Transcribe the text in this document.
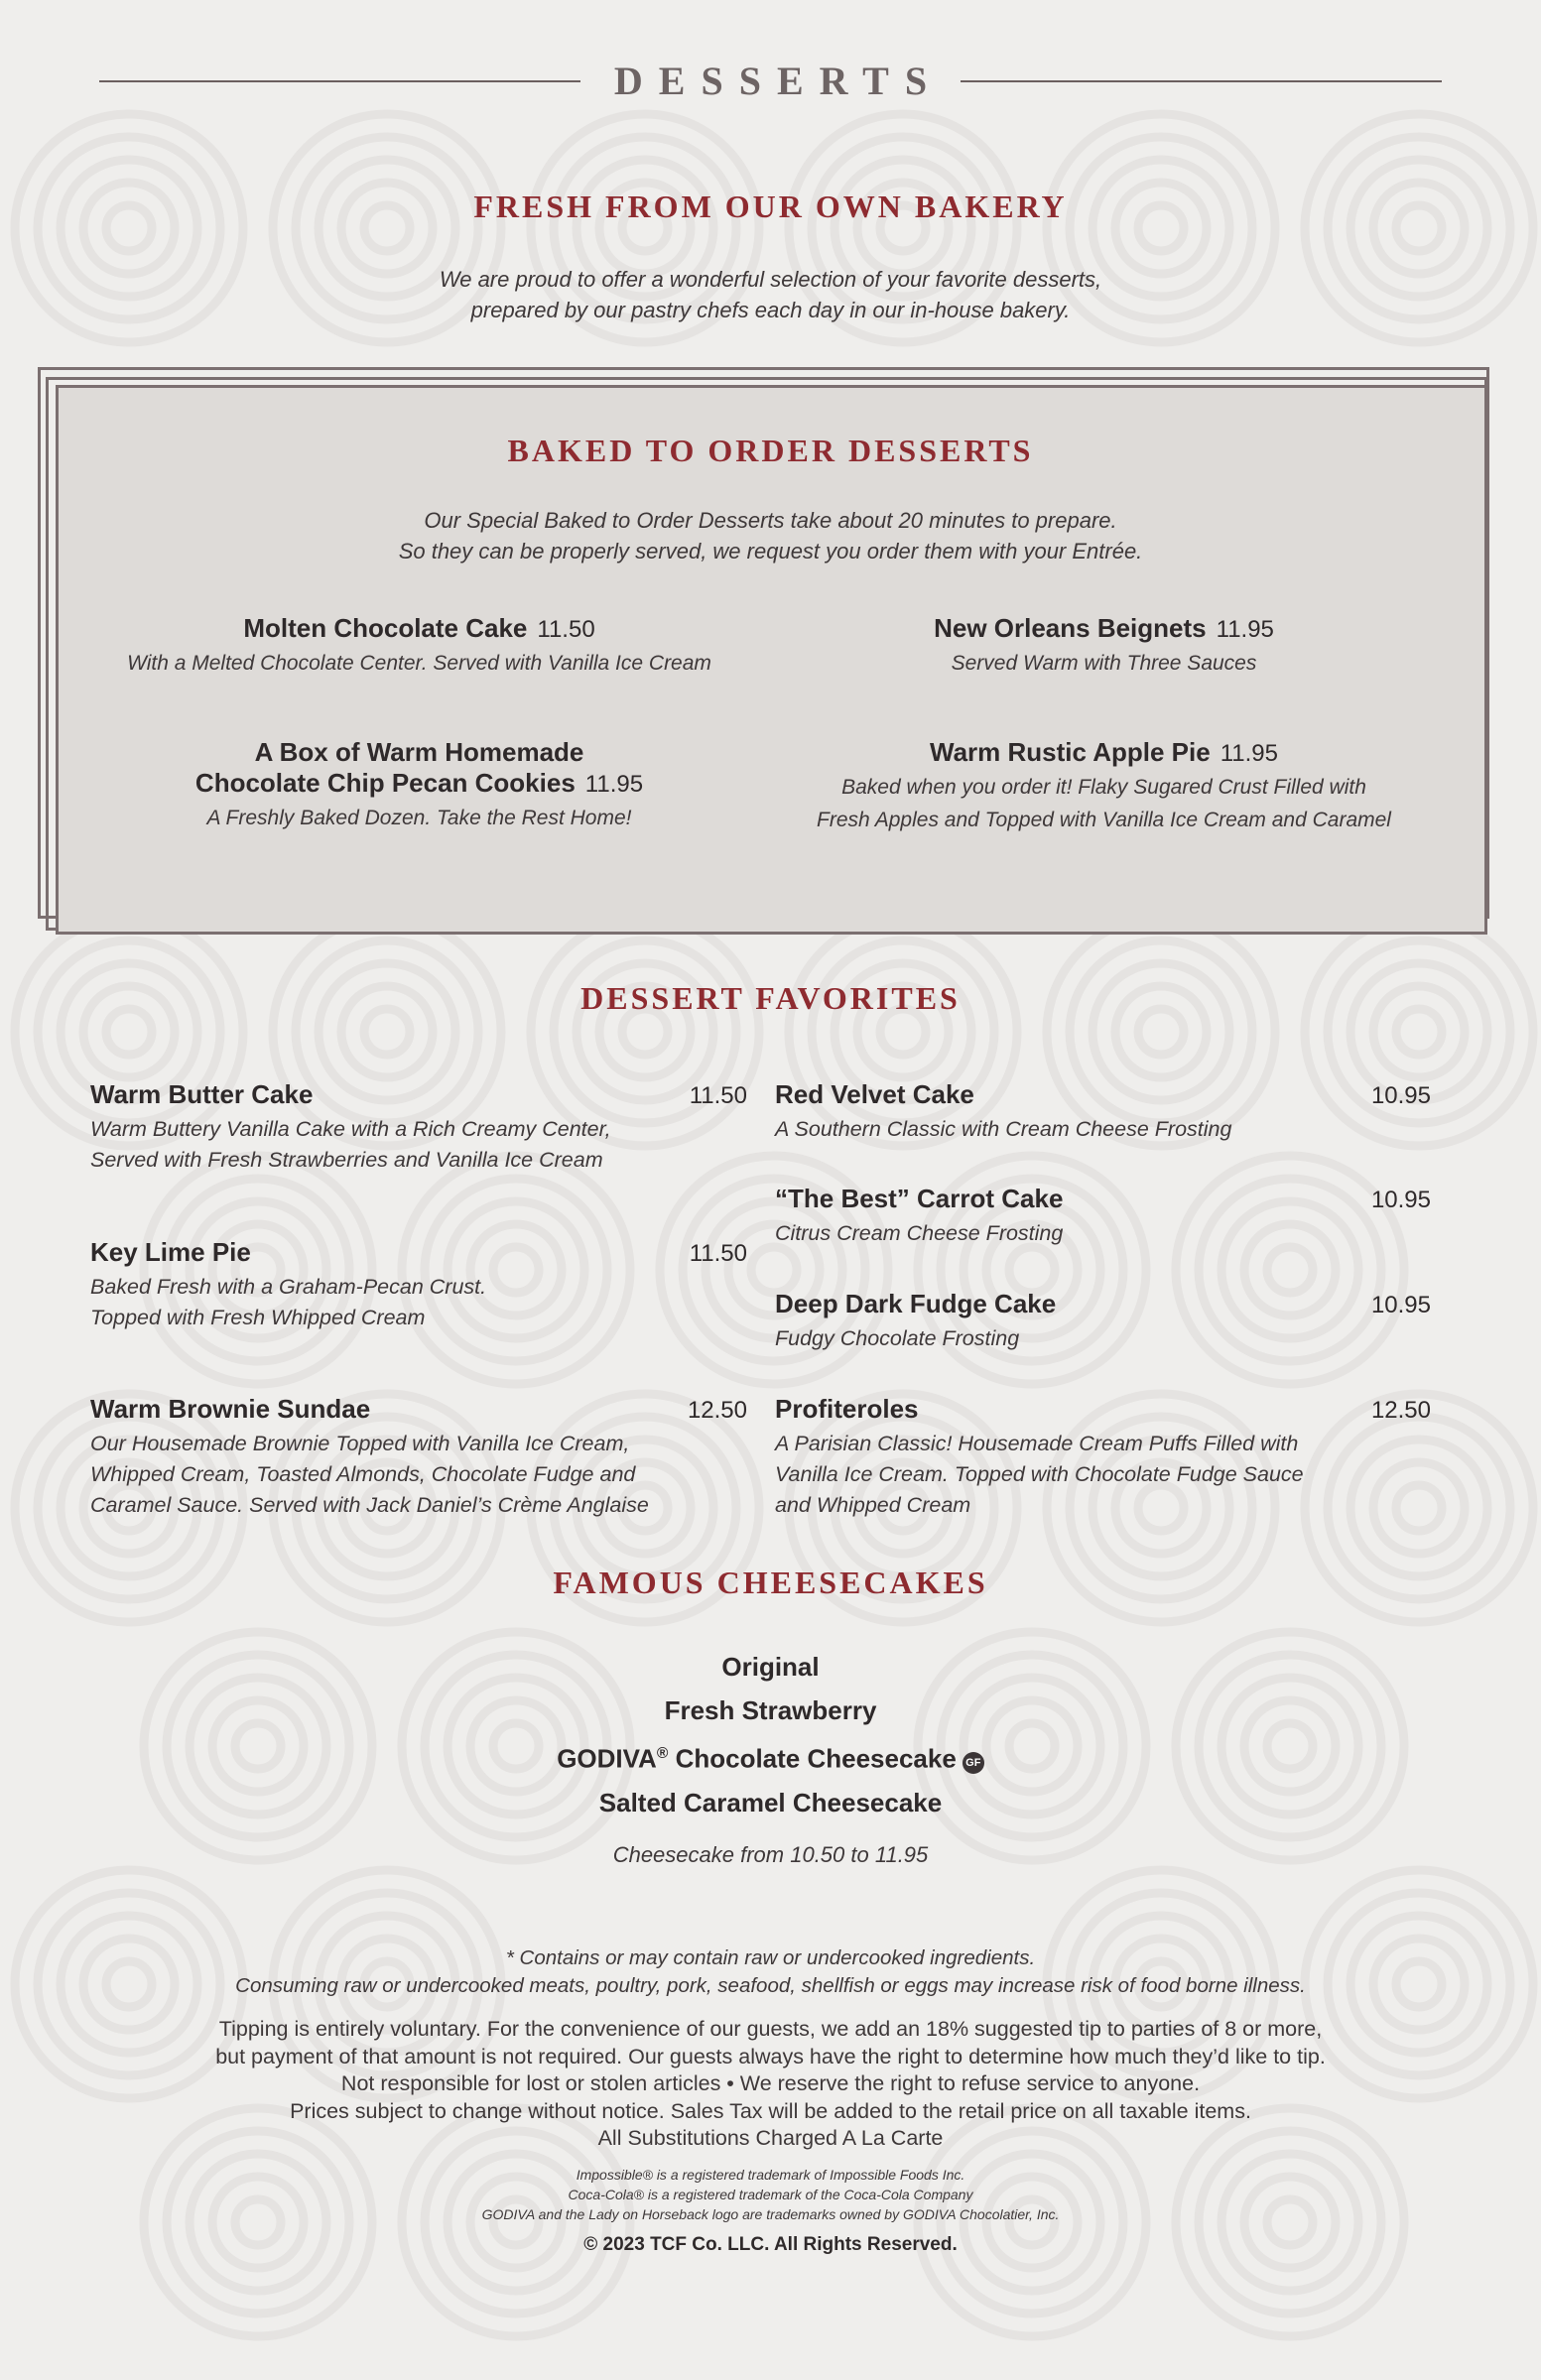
DESSERTS
FRESH FROM OUR OWN BAKERY
We are proud to offer a wonderful selection of your favorite desserts,
prepared by our pastry chefs each day in our in-house bakery.
BAKED TO ORDER DESSERTS
Our Special Baked to Order Desserts take about 20 minutes to prepare.
So they can be properly served, we request you order them with your Entrée.
Molten Chocolate Cake 11.50
With a Melted Chocolate Center. Served with Vanilla Ice Cream
New Orleans Beignets 11.95
Served Warm with Three Sauces
A Box of Warm Homemade
Chocolate Chip Pecan Cookies 11.95
A Freshly Baked Dozen. Take the Rest Home!
Warm Rustic Apple Pie 11.95
Baked when you order it! Flaky Sugared Crust Filled with
Fresh Apples and Topped with Vanilla Ice Cream and Caramel
DESSERT FAVORITES
Warm Butter Cake	11.50
Warm Buttery Vanilla Cake with a Rich Creamy Center,
Served with Fresh Strawberries and Vanilla Ice Cream
Key Lime Pie	11.50
Baked Fresh with a Graham-Pecan Crust.
Topped with Fresh Whipped Cream
Warm Brownie Sundae	12.50
Our Housemade Brownie Topped with Vanilla Ice Cream,
Whipped Cream, Toasted Almonds, Chocolate Fudge and
Caramel Sauce. Served with Jack Daniel’s Crème Anglaise
Red Velvet Cake	10.95
A Southern Classic with Cream Cheese Frosting
“The Best” Carrot Cake	10.95
Citrus Cream Cheese Frosting
Deep Dark Fudge Cake	10.95
Fudgy Chocolate Frosting
Profiteroles	12.50
A Parisian Classic! Housemade Cream Puffs Filled with
Vanilla Ice Cream. Topped with Chocolate Fudge Sauce
and Whipped Cream
FAMOUS CHEESECAKES
Original
Fresh Strawberry
GODIVA® Chocolate Cheesecake GF
Salted Caramel Cheesecake
Cheesecake from 10.50 to 11.95
* Contains or may contain raw or undercooked ingredients.
Consuming raw or undercooked meats, poultry, pork, seafood, shellfish or eggs may increase risk of food borne illness.
Tipping is entirely voluntary. For the convenience of our guests, we add an 18% suggested tip to parties of 8 or more,
but payment of that amount is not required. Our guests always have the right to determine how much they’d like to tip.
Not responsible for lost or stolen articles • We reserve the right to refuse service to anyone.
Prices subject to change without notice. Sales Tax will be added to the retail price on all taxable items.
All Substitutions Charged A La Carte
Impossible® is a registered trademark of Impossible Foods Inc.
Coca-Cola® is a registered trademark of the Coca-Cola Company
GODIVA and the Lady on Horseback logo are trademarks owned by GODIVA Chocolatier, Inc.
© 2023 TCF Co. LLC. All Rights Reserved.
